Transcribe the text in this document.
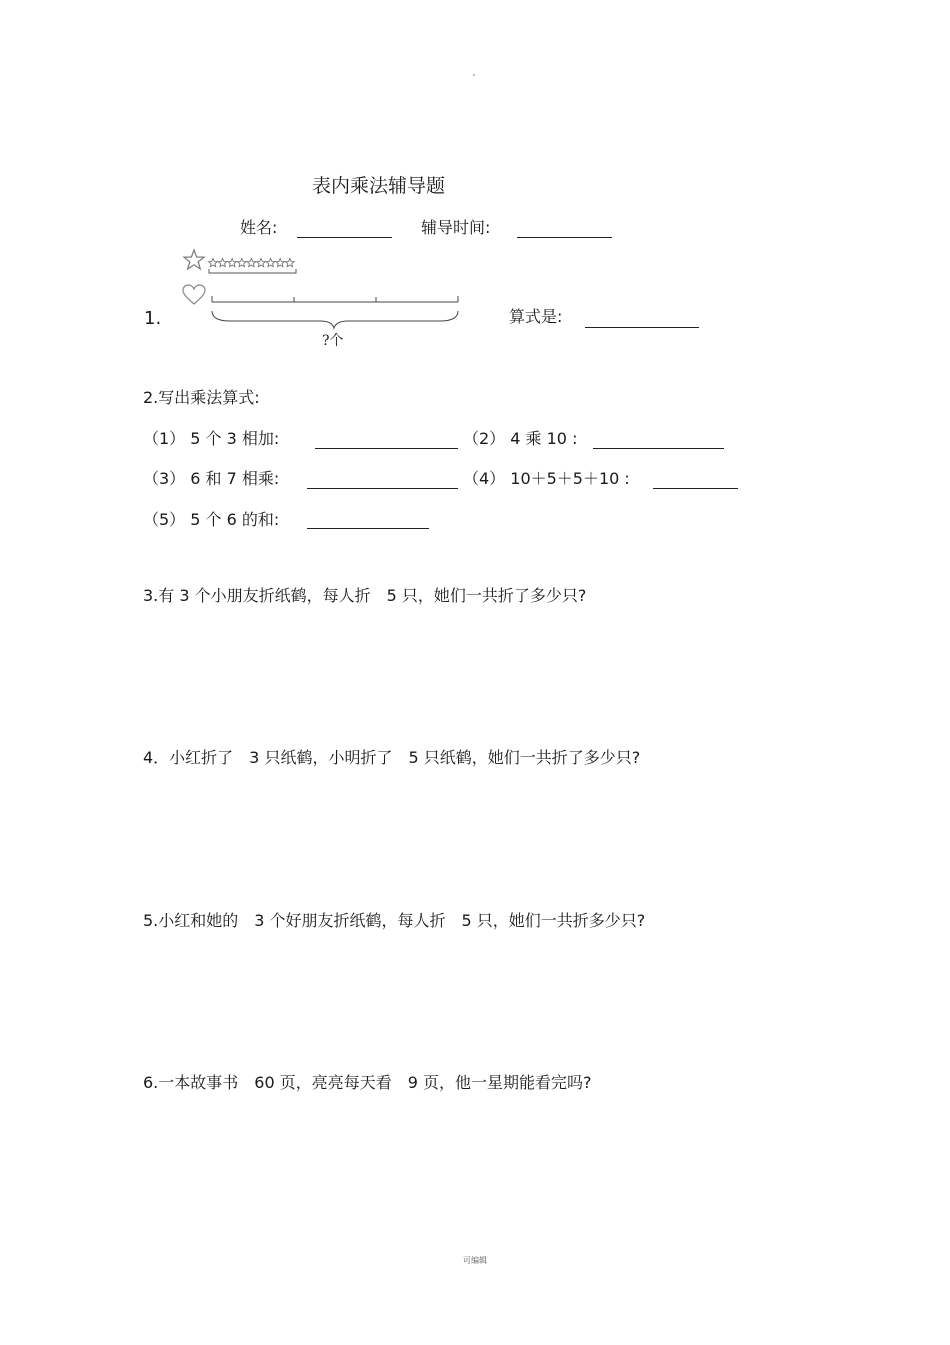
表内乘法辅导题
姓名:	辅导时间:
?个
1.	算式是:
2.写出乘法算式:
（1） 5 个 3 相加:	（2） 4 乘 10 :
（3） 6 和 7 相乘:	（4） 10＋5＋5＋10 :
（5） 5 个 6 的和:
3.有 3 个小朋友折纸鹤，每人折　5 只，她们一共折了多少只?
4．小红折了　3 只纸鹤，小明折了　5 只纸鹤，她们一共折了多少只?
5.小红和她的　3 个好朋友折纸鹤，每人折　5 只，她们一共折多少只?
6.一本故事书　60 页，亮亮每天看　9 页，他一星期能看完吗?
可编辑
